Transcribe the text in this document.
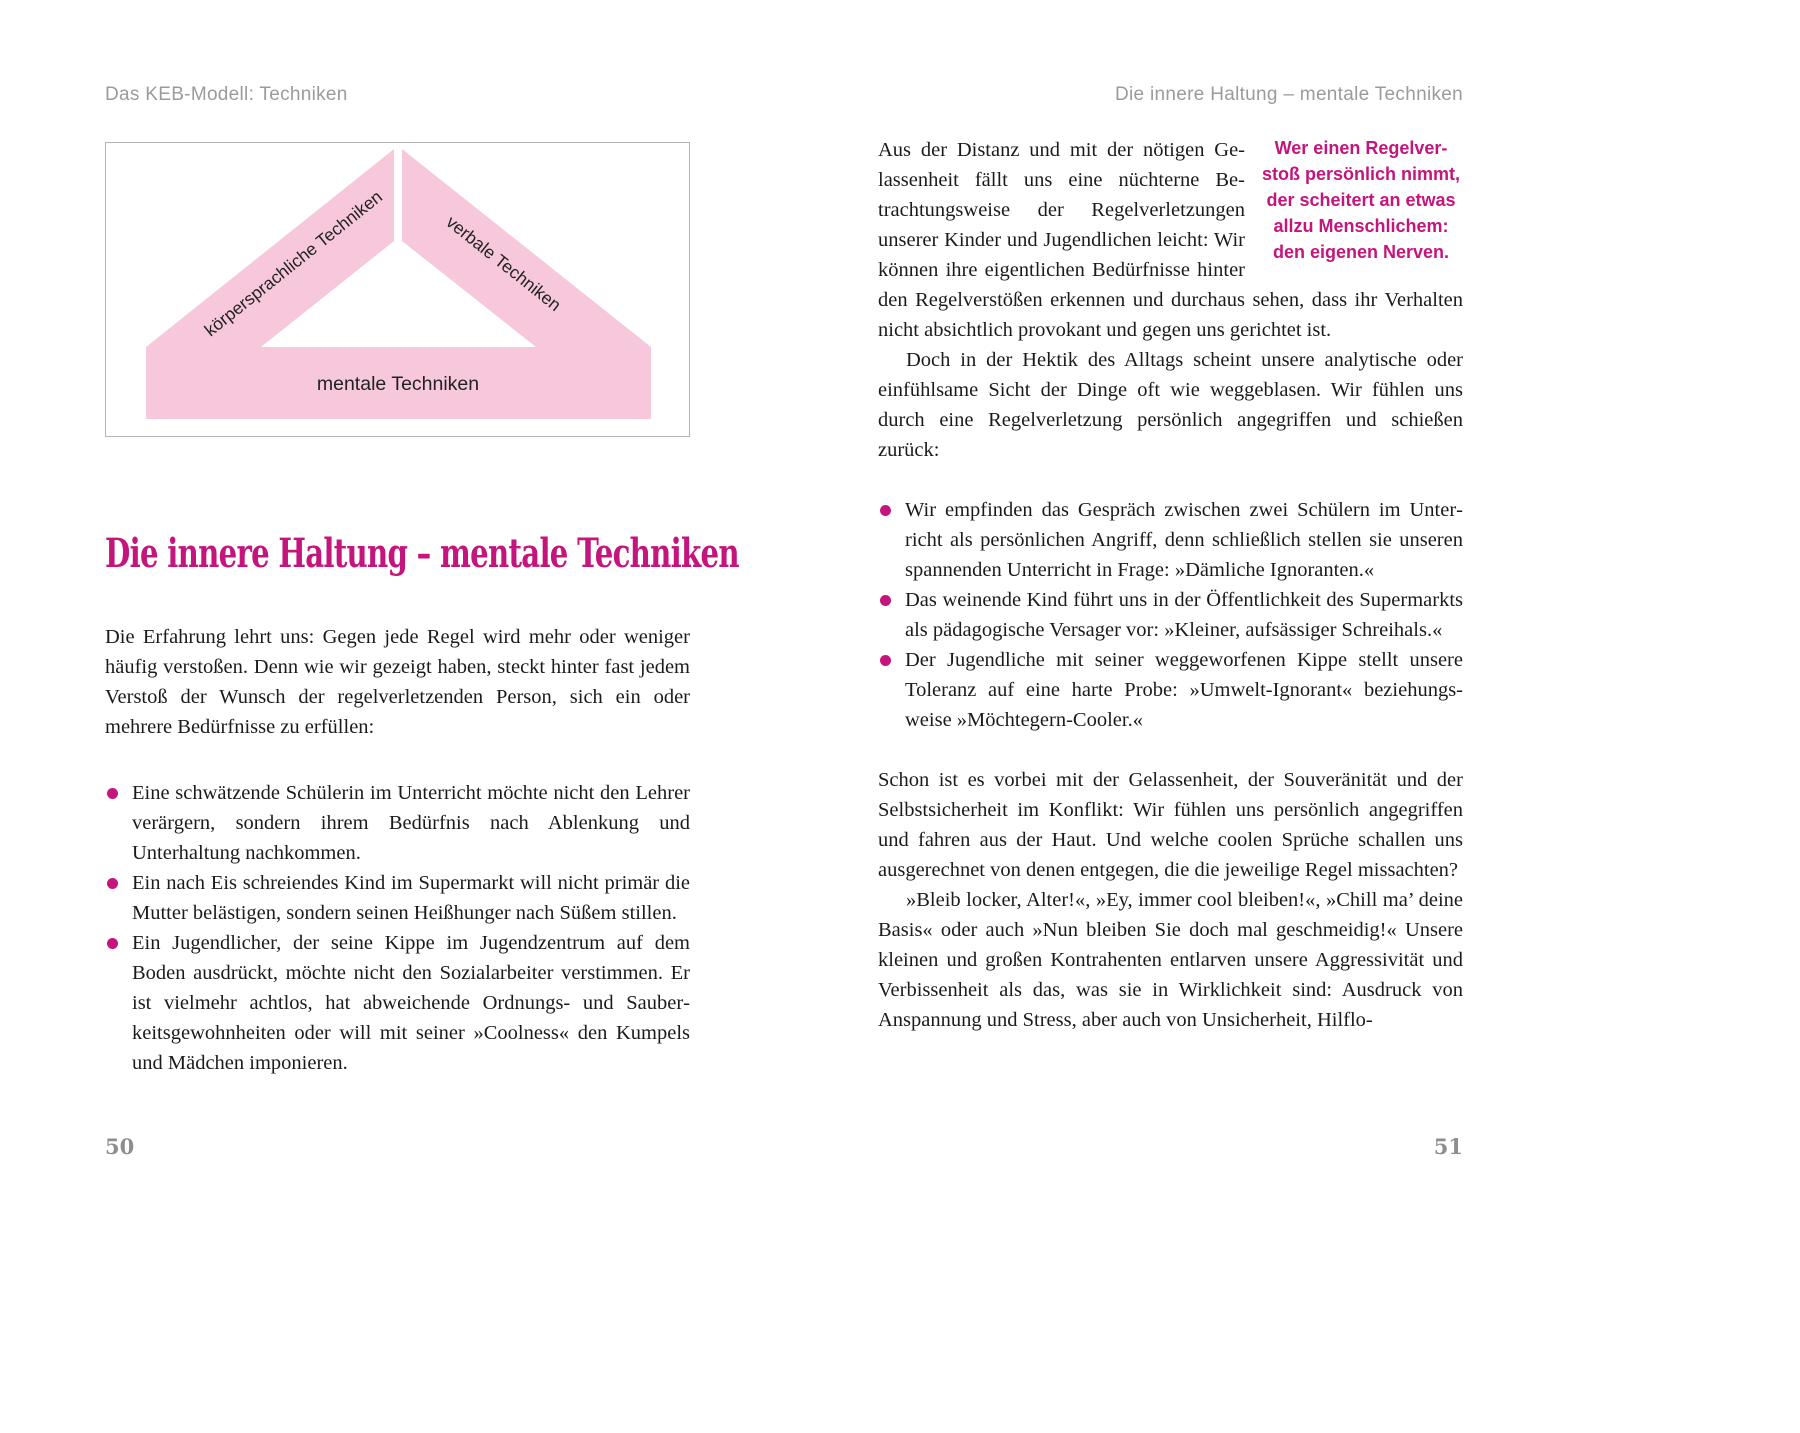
Das KEB-Modell: Techniken
körpersprachliche Techniken	verbale Techniken
mentale Techniken
Die innere Haltung – mentale Techniken

Die Erfahrung lehrt uns: Gegen jede Regel wird mehr oder weniger häufig verstoßen. Denn wie wir gezeigt haben, steckt hinter fast jedem Verstoß der Wunsch der regelverletzenden Person, sich ein oder mehrere Bedürfnisse zu erfüllen:

Eine schwätzende Schülerin im Unterricht möchte nicht den Lehrer verärgern, sondern ihrem Bedürfnis nach Ablenkung und Unterhaltung nachkommen.
Ein nach Eis schreiendes Kind im Supermarkt will nicht primär die Mutter belästigen, sondern seinen Heißhunger nach Süßem stillen.
Ein Jugendlicher, der seine Kippe im Jugendzentrum auf dem Boden ausdrückt, möchte nicht den Sozialarbeiter verstimmen. Er ist vielmehr achtlos, hat abweichende Ordnungs- und Sauberkeitsgewohnheiten oder will mit seiner »Coolness« den Kumpels und Mädchen imponieren.
50
Die innere Haltung – mentale Techniken

Wer einen Regelverstoß persönlich nimmt, der scheitert an etwas allzu Menschlichem: den eigenen Nerven.
Aus der Distanz und mit der nötigen Gelassenheit fällt uns eine nüchterne Betrachtungsweise der Regelverletzungen unserer Kinder und Jugendlichen leicht: Wir können ihre eigentlichen Bedürfnisse hinter den Regelverstößen erkennen und durchaus sehen, dass ihr Verhalten nicht absichtlich provokant und gegen uns gerichtet ist.

Doch in der Hektik des Alltags scheint unsere analytische oder einfühlsame Sicht der Dinge oft wie weggeblasen. Wir fühlen uns durch eine Regelverletzung persönlich angegriffen und schießen zurück:

Wir empfinden das Gespräch zwischen zwei Schülern im Unterricht als persönlichen Angriff, denn schließlich stellen sie unseren spannenden Unterricht in Frage: »Dämliche Ignoranten.«
Das weinende Kind führt uns in der Öffentlichkeit des Supermarkts als pädagogische Versager vor: »Kleiner, aufsässiger Schreihals.«
Der Jugendliche mit seiner weggeworfenen Kippe stellt unsere Toleranz auf eine harte Probe: »Umwelt-Ignorant« beziehungsweise »Möchtegern-Cooler.«

Schon ist es vorbei mit der Gelassenheit, der Souveränität und der Selbstsicherheit im Konflikt: Wir fühlen uns persönlich angegriffen und fahren aus der Haut. Und welche coolen Sprüche schallen uns ausgerechnet von denen entgegen, die die jeweilige Regel missachten?

»Bleib locker, Alter!«, »Ey, immer cool bleiben!«, »Chill ma’ deine Basis« oder auch »Nun bleiben Sie doch mal geschmeidig!« Unsere kleinen und großen Kontrahenten entlarven unsere Aggressivität und Verbissenheit als das, was sie in Wirklichkeit sind: Ausdruck von Anspannung und Stress, aber auch von Unsicherheit, Hilflo-

51
